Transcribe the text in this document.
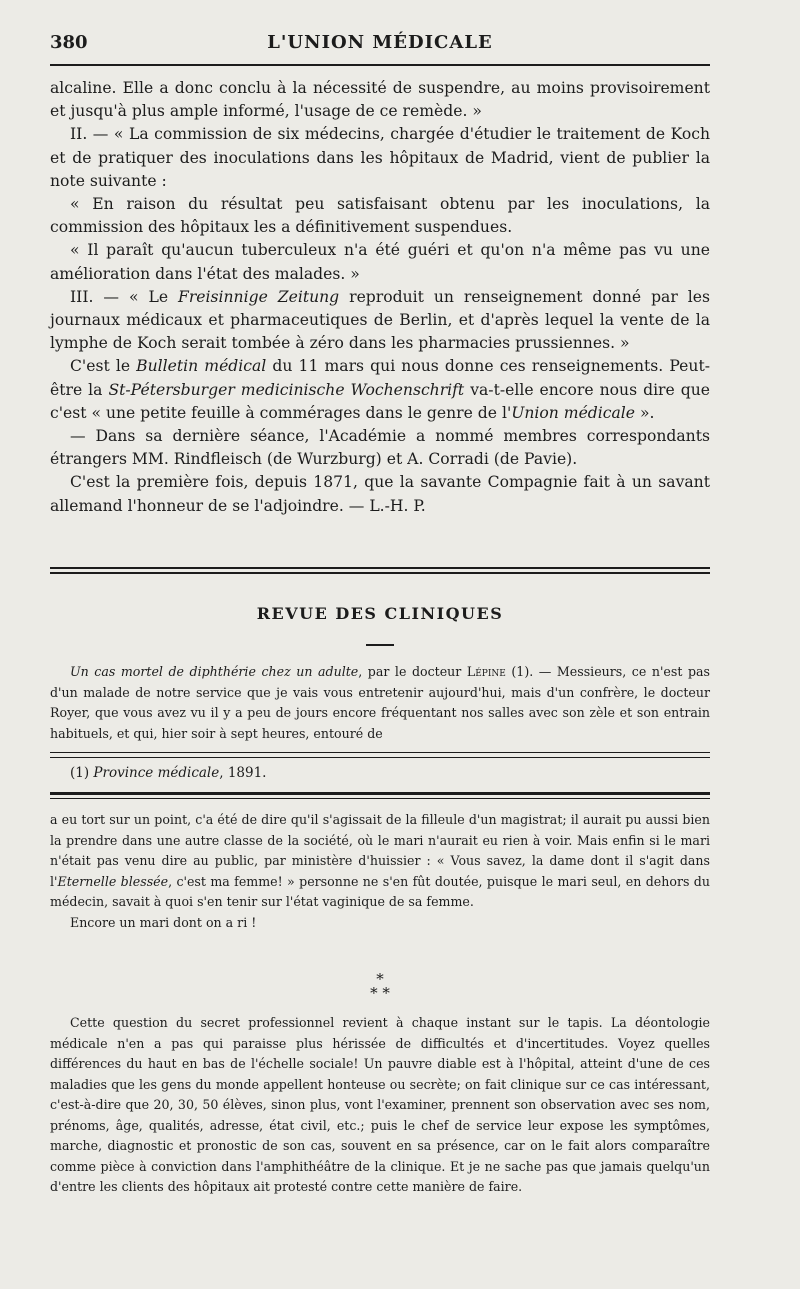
380	L'UNION MÉDICALE

alcaline. Elle a donc conclu à la nécessité de suspendre, au moins provisoirement et jusqu'à plus ample informé, l'usage de ce remède. »

II. — « La commission de six médecins, chargée d'étudier le traitement de Koch et de pratiquer des inoculations dans les hôpitaux de Madrid, vient de publier la note suivante :

« En raison du résultat peu satisfaisant obtenu par les inoculations, la commission des hôpitaux les a définitivement suspendues.

« Il paraît qu'aucun tuberculeux n'a été guéri et qu'on n'a même pas vu une amélioration dans l'état des malades. »

III. — « Le Freisinnige Zeitung reproduit un renseignement donné par les journaux médicaux et pharmaceutiques de Berlin, et d'après lequel la vente de la lymphe de Koch serait tombée à zéro dans les pharmacies prussiennes. »

C'est le Bulletin médical du 11 mars qui nous donne ces renseignements. Peut-être la St-Pétersburger medicinische Wochenschrift va-t-elle encore nous dire que c'est « une petite feuille à commérages dans le genre de l'Union médicale ».

— Dans sa dernière séance, l'Académie a nommé membres correspondants étrangers MM. Rindfleisch (de Wurzburg) et A. Corradi (de Pavie).

C'est la première fois, depuis 1871, que la savante Compagnie fait à un savant allemand l'honneur de se l'adjoindre. — L.-H. P.

REVUE DES CLINIQUES

Un cas mortel de diphthérie chez un adulte, par le docteur Lépine (1). — Messieurs, ce n'est pas d'un malade de notre service que je vais vous entretenir aujourd'hui, mais d'un confrère, le docteur Royer, que vous avez vu il y a peu de jours encore fréquentant nos salles avec son zèle et son entrain habituels, et qui, hier soir à sept heures, entouré de

(1) Province médicale, 1891.

a eu tort sur un point, c'a été de dire qu'il s'agissait de la filleule d'un magistrat; il aurait pu aussi bien la prendre dans une autre classe de la société, où le mari n'aurait eu rien à voir. Mais enfin si le mari n'était pas venu dire au public, par ministère d'huissier : « Vous savez, la dame dont il s'agit dans l'Eternelle blessée, c'est ma femme! » personne ne s'en fût doutée, puisque le mari seul, en dehors du médecin, savait à quoi s'en tenir sur l'état vaginique de sa femme.

Encore un mari dont on a ri !

*
* *

Cette question du secret professionnel revient à chaque instant sur le tapis. La déontologie médicale n'en a pas qui paraisse plus hérissée de difficultés et d'incertitudes. Voyez quelles différences du haut en bas de l'échelle sociale! Un pauvre diable est à l'hôpital, atteint d'une de ces maladies que les gens du monde appellent honteuse ou secrète; on fait clinique sur ce cas intéressant, c'est-à-dire que 20, 30, 50 élèves, sinon plus, vont l'examiner, prennent son observation avec ses nom, prénoms, âge, qualités, adresse, état civil, etc.; puis le chef de service leur expose les symptômes, marche, diagnostic et pronostic de son cas, souvent en sa présence, car on le fait alors comparaître comme pièce à conviction dans l'amphithéâtre de la clinique. Et je ne sache pas que jamais quelqu'un d'entre les clients des hôpitaux ait protesté contre cette manière de faire.
